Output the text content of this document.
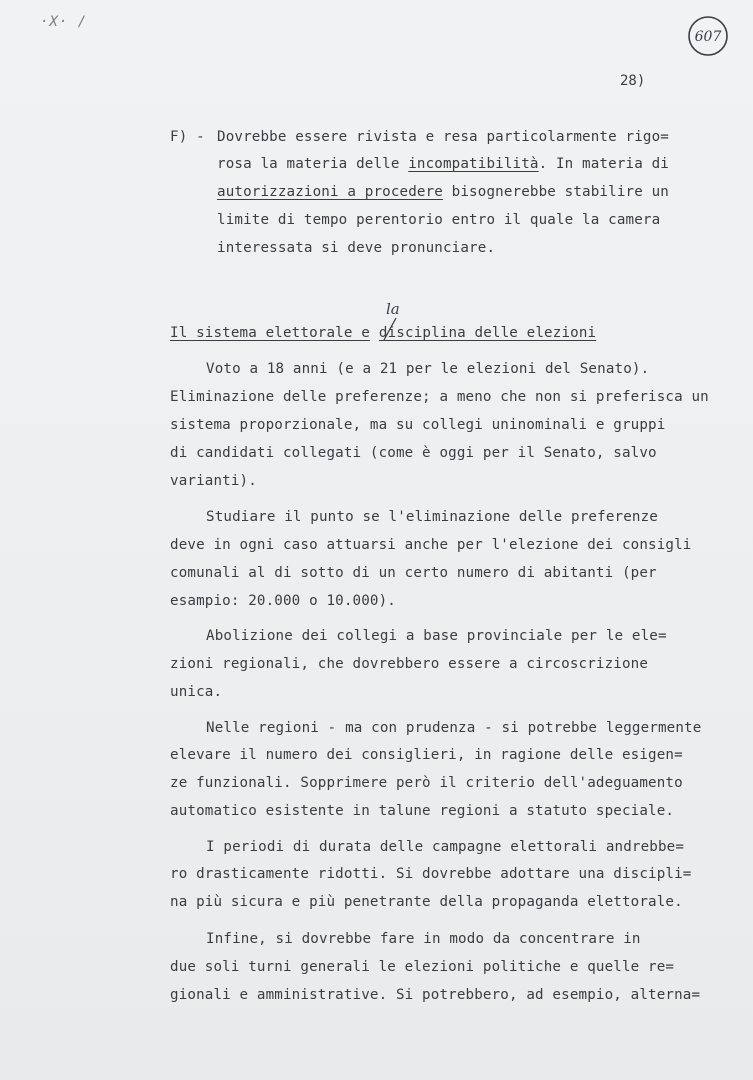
·X· /
607
28)
F) - Dovrebbe essere rivista e resa particolarmente rigo=
rosa la materia delle incompatibilità. In materia di
autorizzazioni a procedere bisognerebbe stabilire un
limite di tempo perentorio entro il quale la camera
interessata si deve pronunciare.
la
Il sistema elettorale e disciplina delle elezioni
Voto a 18 anni (e a 21 per le elezioni del Senato).
Eliminazione delle preferenze; a meno che non si preferisca un
sistema proporzionale, ma su collegi uninominali e gruppi
di candidati collegati (come è oggi per il Senato, salvo
varianti).
Studiare il punto se l'eliminazione delle preferenze
deve in ogni caso attuarsi anche per l'elezione dei consigli
comunali al di sotto di un certo numero di abitanti (per
esampio: 20.000 o 10.000).
Abolizione dei collegi a base provinciale per le ele=
zioni regionali, che dovrebbero essere a circoscrizione
unica.
Nelle regioni - ma con prudenza - si potrebbe leggermente
elevare il numero dei consiglieri, in ragione delle esigen=
ze funzionali. Sopprimere però il criterio dell'adeguamento
automatico esistente in talune regioni a statuto speciale.
I periodi di durata delle campagne elettorali andrebbe=
ro drasticamente ridotti. Si dovrebbe adottare una discipli=
na più sicura e più penetrante della propaganda elettorale.
Infine, si dovrebbe fare in modo da concentrare in
due soli turni generali le elezioni politiche e quelle re=
gionali e amministrative. Si potrebbero, ad esempio, alterna=
